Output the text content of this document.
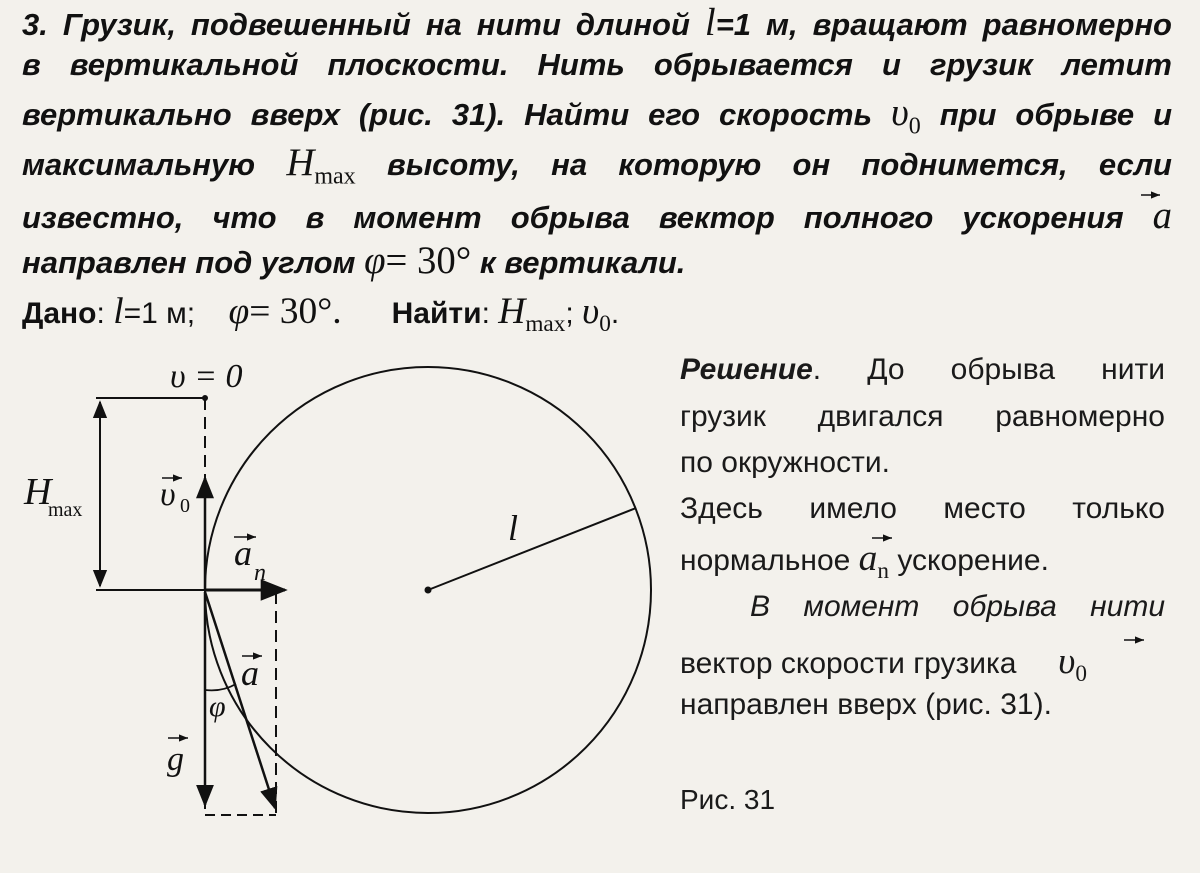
3. Грузик, подвешенный на нити длиной l=1 м, вращают равномерно
в вертикальной плоскости. Нить обрывается и грузик летит
вертикально вверх (рис. 31). Найти его скорость $\upsilon_0$ при обрыве и
максимальную $H_{max}$ высоту, на которую он поднимется, если
известно, что в момент обрыва вектор полного ускорения a
направлен под углом φ= 30° к вертикали.
Дано: l=1 м; φ= 30°. Найти: $H_{max}$; $\upsilon_0$.
Решение. До обрыва нити
грузик двигался равномерно
по окружности.
Здесь имело место только
нормальное $a_n$ ускорение.
В момент обрыва нити
вектор скорости грузика $\upsilon_0$
направлен вверх (рис. 31).
Рис. 31
υ = 0
H
max υ 0
a n
a
φ
g
l
